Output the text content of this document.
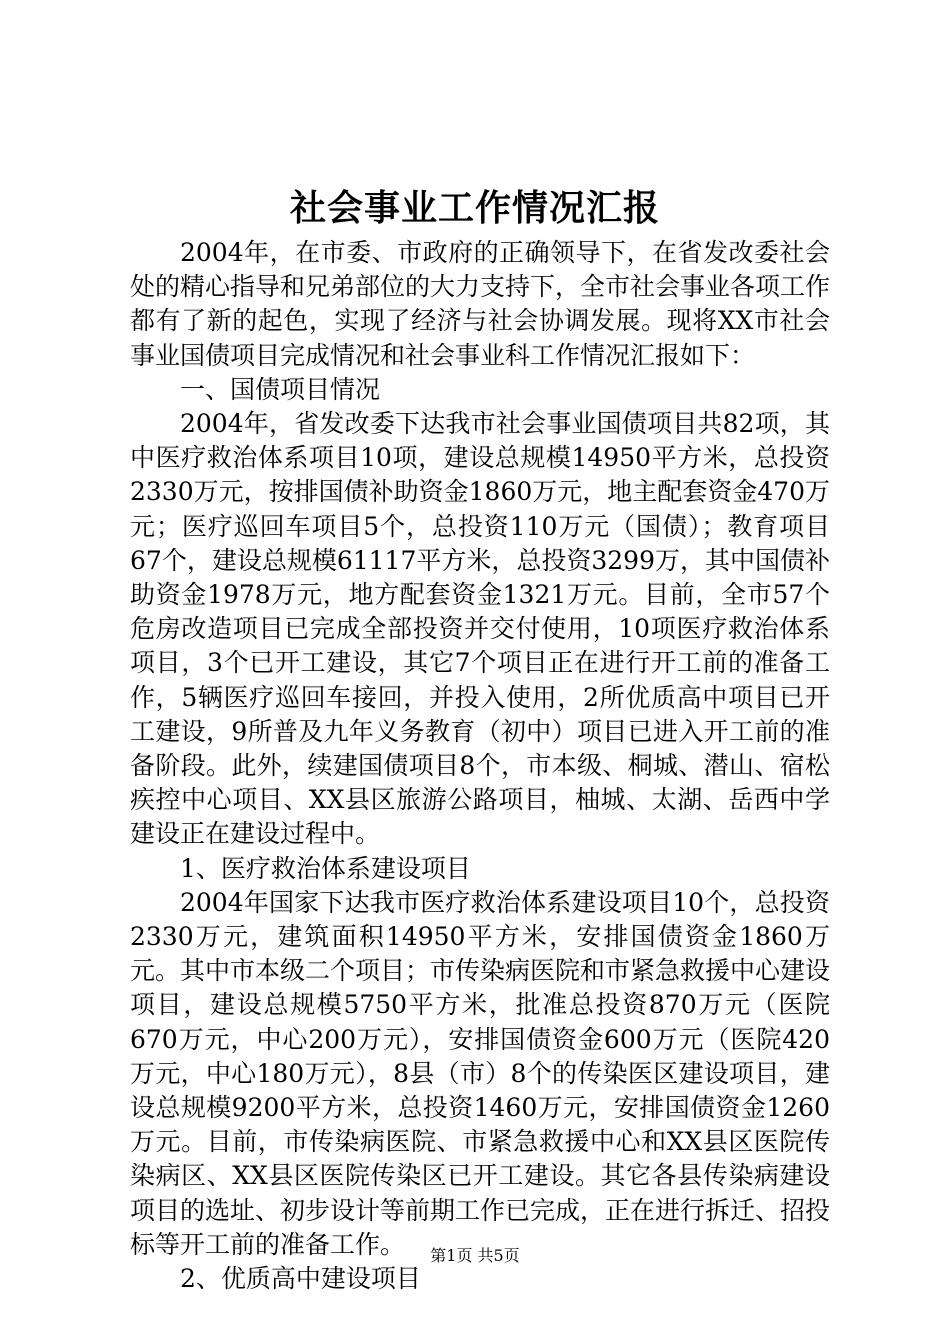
社会事业工作情况汇报

2004年，在市委、市政府的正确领导下，在省发改委社会处的精心指导和兄弟部位的大力支持下，全市社会事业各项工作都有了新的起色，实现了经济与社会协调发展。现将XX市社会事业国债项目完成情况和社会事业科工作情况汇报如下：

一、国债项目情况

2004年，省发改委下达我市社会事业国债项目共82项，其中医疗救治体系项目10项，建设总规模14950平方米，总投资2330万元，按排国债补助资金1860万元，地主配套资金470万元；医疗巡回车项目5个，总投资110万元（国债）；教育项目67个，建设总规模61117平方米，总投资3299万，其中国债补助资金1978万元，地方配套资金1321万元。目前，全市57个危房改造项目已完成全部投资并交付使用，10项医疗救治体系项目，3个已开工建设，其它7个项目正在进行开工前的准备工作，5辆医疗巡回车接回，并投入使用，2所优质高中项目已开工建设，9所普及九年义务教育（初中）项目已进入开工前的准备阶段。此外，续建国债项目8个，市本级、桐城、潜山、宿松疾控中心项目、XX县区旅游公路项目，柚城、太湖、岳西中学建设正在建设过程中。

1、医疗救治体系建设项目

2004年国家下达我市医疗救治体系建设项目10个，总投资2330万元，建筑面积14950平方米，安排国债资金1860万元。其中市本级二个项目；市传染病医院和市紧急救援中心建设项目，建设总规模5750平方米，批准总投资870万元（医院670万元，中心200万元），安排国债资金600万元（医院420万元，中心180万元），8县（市）8个的传染医区建设项目，建设总规模9200平方米，总投资1460万元，安排国债资金1260万元。目前，市传染病医院、市紧急救援中心和XX县区医院传染病区、XX县区医院传染区已开工建设。其它各县传染病建设项目的选址、初步设计等前期工作已完成，正在进行拆迁、招投标等开工前的准备工作。

2、优质高中建设项目

第1页 共5页
